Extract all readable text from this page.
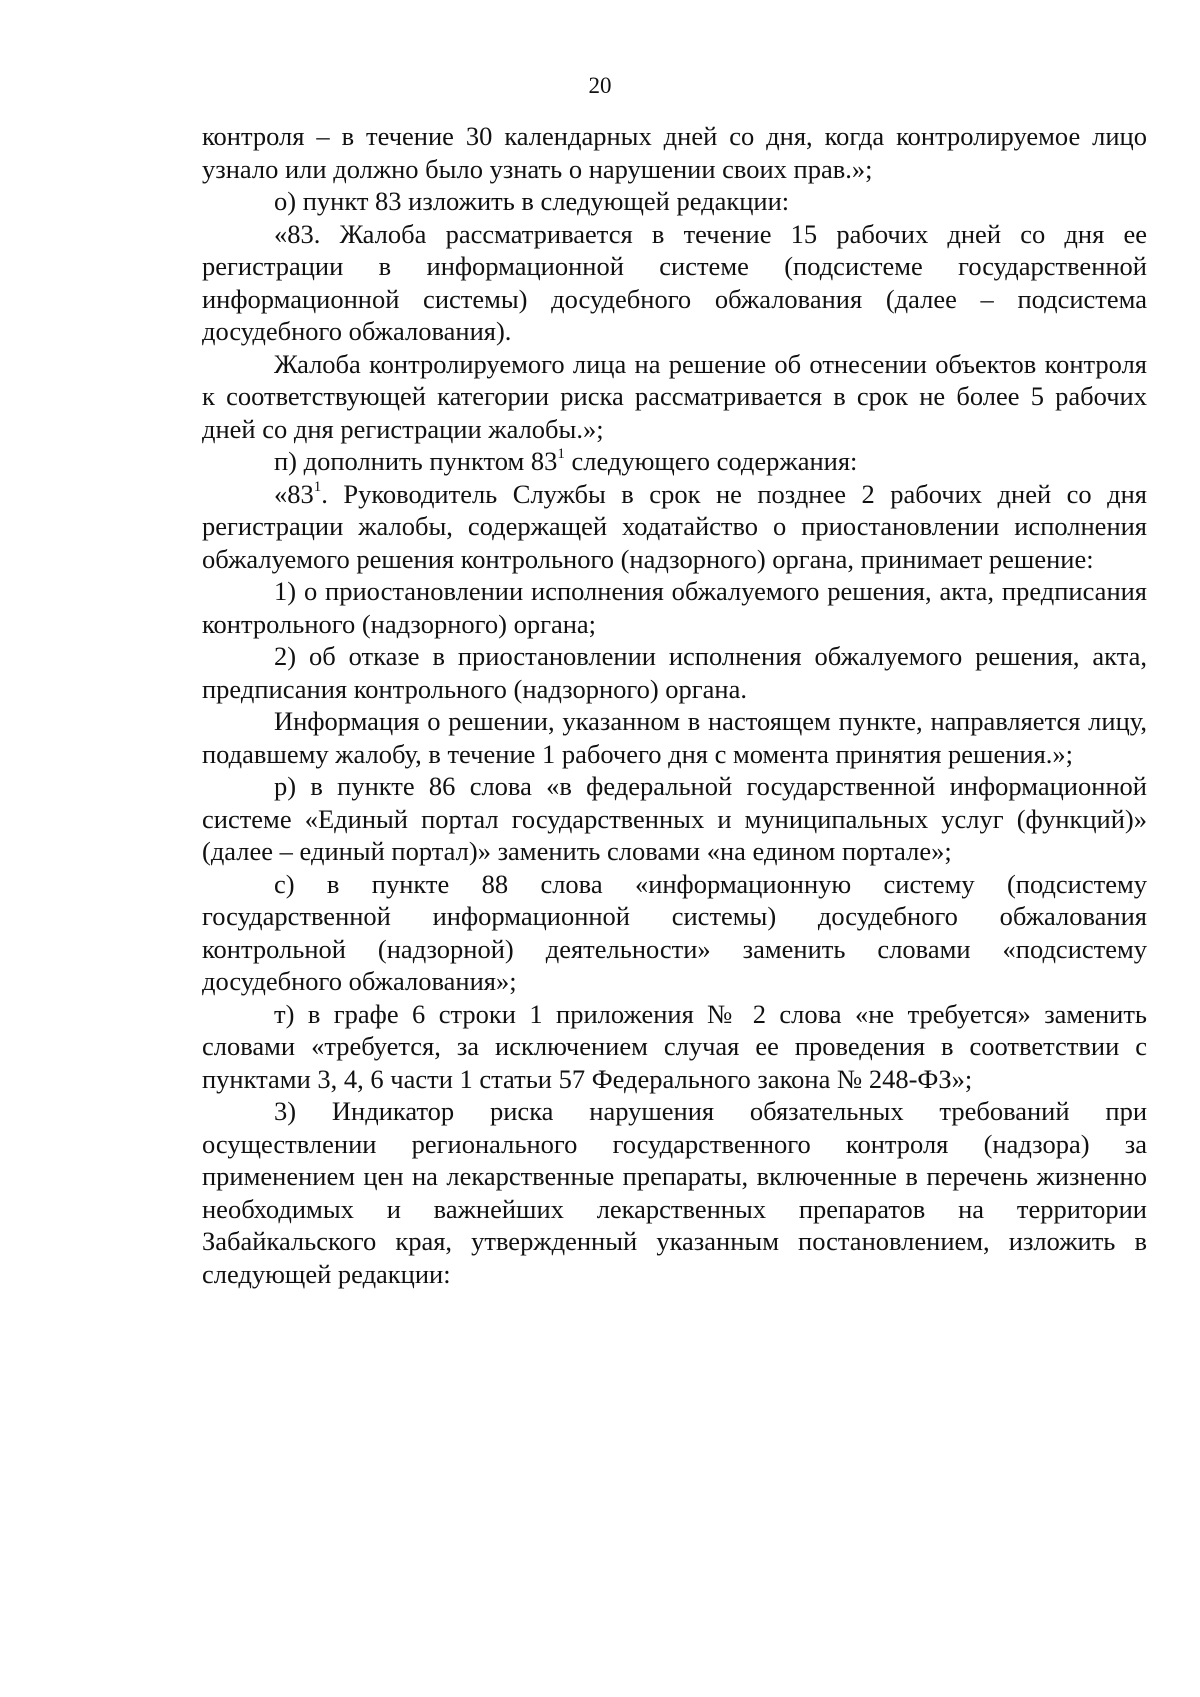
20

контроля – в течение 30 календарных дней со дня, когда контролируемое лицо узнало или должно было узнать о нарушении своих прав.»;

о) пункт 83 изложить в следующей редакции:

«83. Жалоба рассматривается в течение 15 рабочих дней со дня ее регистрации в информационной системе (подсистеме государственной информационной системы) досудебного обжалования (далее – подсистема досудебного обжалования).

Жалоба контролируемого лица на решение об отнесении объектов контроля к соответствующей категории риска рассматривается в срок не более 5 рабочих дней со дня регистрации жалобы.»;

п) дополнить пунктом $83^1$ следующего содержания:

«$83^1$. Руководитель Службы в срок не позднее 2 рабочих дней со дня регистрации жалобы, содержащей ходатайство о приостановлении исполнения обжалуемого решения контрольного (надзорного) органа, принимает решение:

1) о приостановлении исполнения обжалуемого решения, акта, предписания контрольного (надзорного) органа;

2) об отказе в приостановлении исполнения обжалуемого решения, акта, предписания контрольного (надзорного) органа.

Информация о решении, указанном в настоящем пункте, направляется лицу, подавшему жалобу, в течение 1 рабочего дня с момента принятия решения.»;

р) в пункте 86 слова «в федеральной государственной информационной системе «Единый портал государственных и муниципальных услуг (функций)» (далее – единый портал)» заменить словами «на едином портале»;

с) в пункте 88 слова «информационную систему (подсистему государственной информационной системы) досудебного обжалования контрольной (надзорной) деятельности» заменить словами «подсистему досудебного обжалования»;

т) в графе 6 строки 1 приложения № 2 слова «не требуется» заменить словами «требуется, за исключением случая ее проведения в соответствии с пунктами 3, 4, 6 части 1 статьи 57 Федерального закона № 248-ФЗ»;

3) Индикатор риска нарушения обязательных требований при осуществлении регионального государственного контроля (надзора) за применением цен на лекарственные препараты, включенные в перечень жизненно необходимых и важнейших лекарственных препаратов на территории Забайкальского края, утвержденный указанным постановлением, изложить в следующей редакции:
